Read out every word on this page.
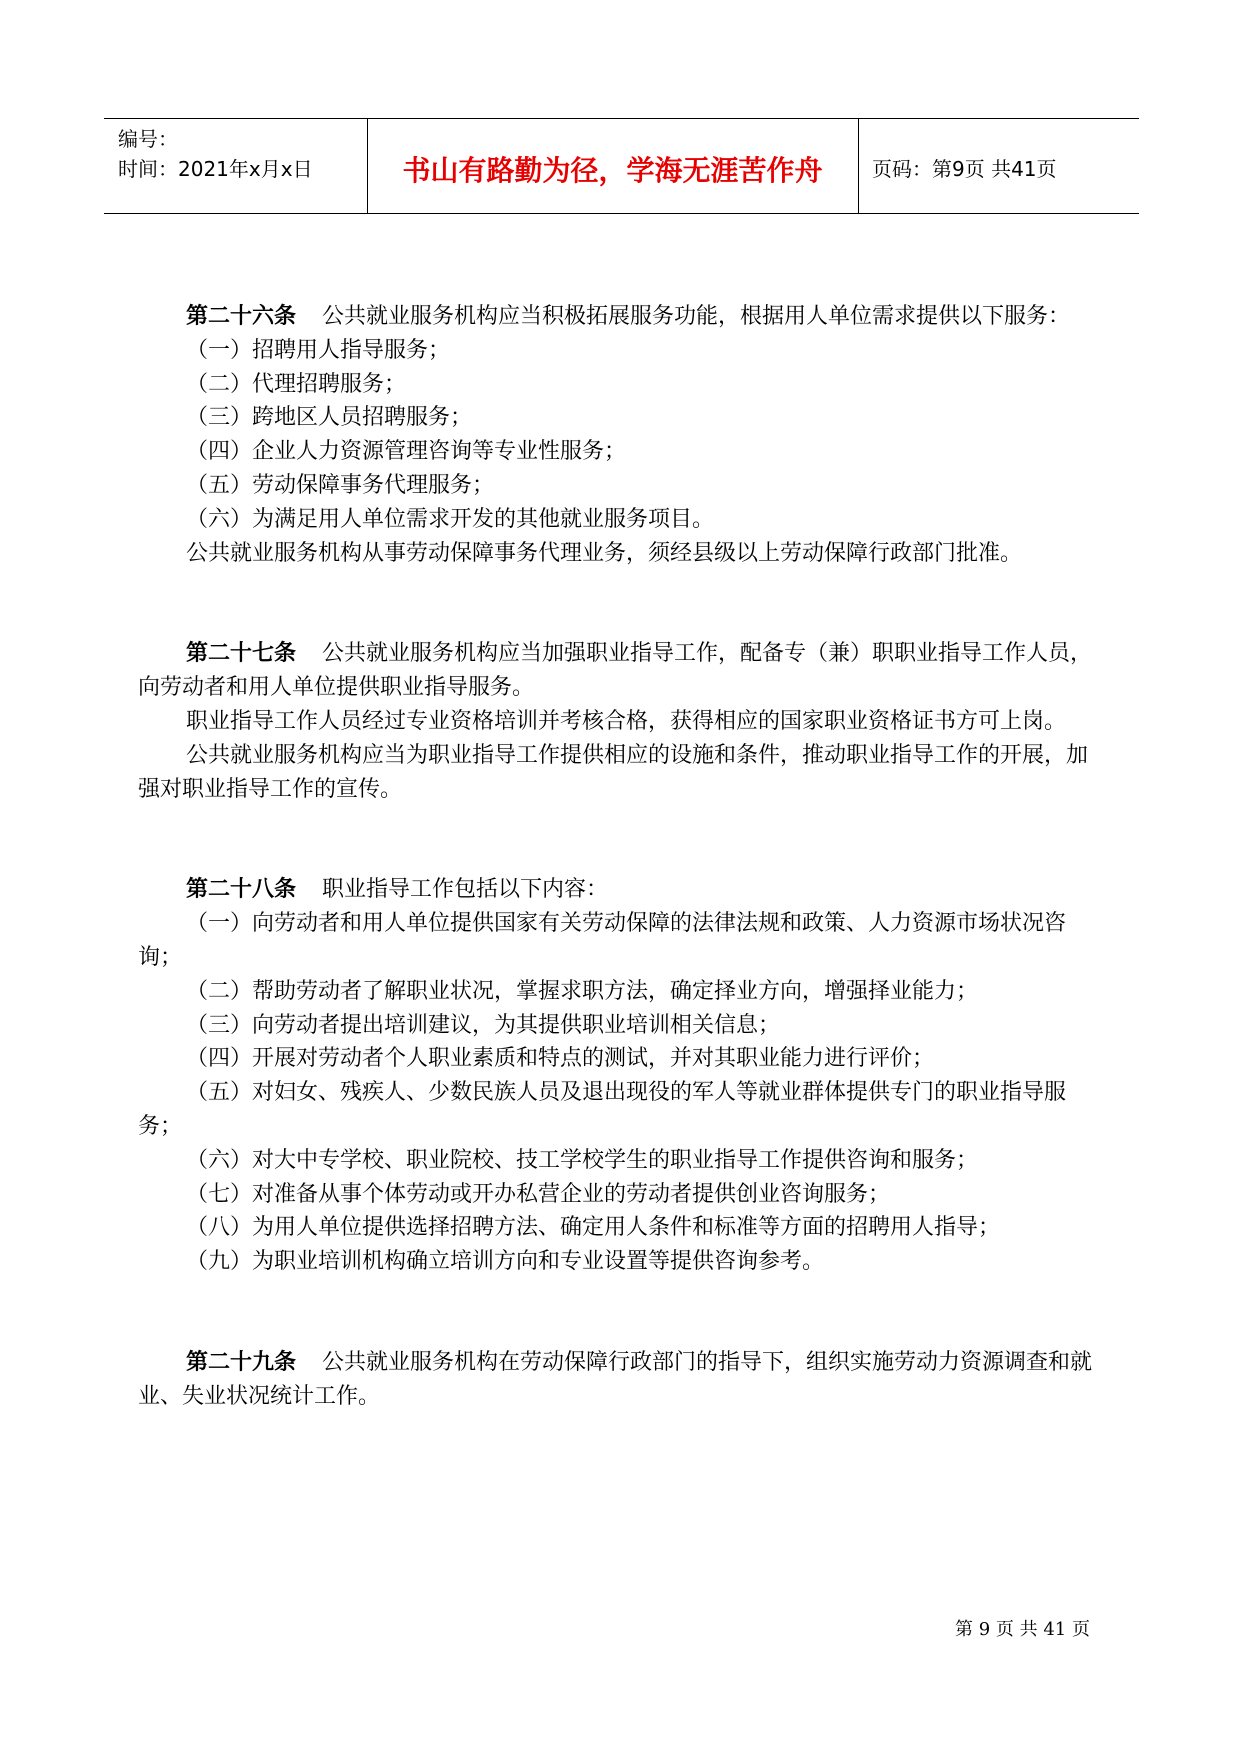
编号：
时间：2021年x月x日	书山有路勤为径，学海无涯苦作舟	页码：第9页 共41页

第二十六条 公共就业服务机构应当积极拓展服务功能，根据用人单位需求提供以下服务：

（一）招聘用人指导服务；

（二）代理招聘服务；

（三）跨地区人员招聘服务；

（四）企业人力资源管理咨询等专业性服务；

（五）劳动保障事务代理服务；

（六）为满足用人单位需求开发的其他就业服务项目。

公共就业服务机构从事劳动保障事务代理业务，须经县级以上劳动保障行政部门批准。

第二十七条 公共就业服务机构应当加强职业指导工作，配备专（兼）职职业指导工作人员，向劳动者和用人单位提供职业指导服务。

职业指导工作人员经过专业资格培训并考核合格，获得相应的国家职业资格证书方可上岗。

公共就业服务机构应当为职业指导工作提供相应的设施和条件，推动职业指导工作的开展，加强对职业指导工作的宣传。

第二十八条 职业指导工作包括以下内容：

（一）向劳动者和用人单位提供国家有关劳动保障的法律法规和政策、人力资源市场状况咨询；

（二）帮助劳动者了解职业状况，掌握求职方法，确定择业方向，增强择业能力；

（三）向劳动者提出培训建议，为其提供职业培训相关信息；

（四）开展对劳动者个人职业素质和特点的测试，并对其职业能力进行评价；

（五）对妇女、残疾人、少数民族人员及退出现役的军人等就业群体提供专门的职业指导服务；

（六）对大中专学校、职业院校、技工学校学生的职业指导工作提供咨询和服务；

（七）对准备从事个体劳动或开办私营企业的劳动者提供创业咨询服务；

（八）为用人单位提供选择招聘方法、确定用人条件和标准等方面的招聘用人指导；

（九）为职业培训机构确立培训方向和专业设置等提供咨询参考。

第二十九条 公共就业服务机构在劳动保障行政部门的指导下，组织实施劳动力资源调查和就业、失业状况统计工作。

第 9 页 共 41 页
